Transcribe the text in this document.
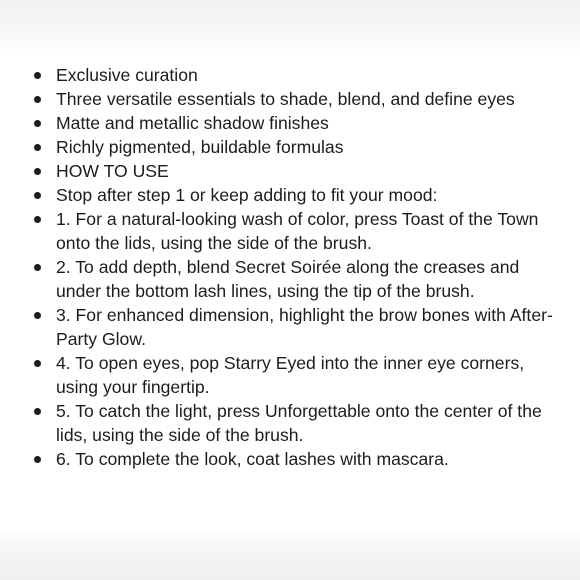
Exclusive curation
Three versatile essentials to shade, blend, and define eyes
Matte and metallic shadow finishes
Richly pigmented, buildable formulas
HOW TO USE
Stop after step 1 or keep adding to fit your mood:
1. For a natural-looking wash of color, press Toast of the Town onto the lids, using the side of the brush.
2. To add depth, blend Secret Soirée along the creases and under the bottom lash lines, using the tip of the brush.
3. For enhanced dimension, highlight the brow bones with After-Party Glow.
4. To open eyes, pop Starry Eyed into the inner eye corners, using your fingertip.
5. To catch the light, press Unforgettable onto the center of the lids, using the side of the brush.
6. To complete the look, coat lashes with mascara.
